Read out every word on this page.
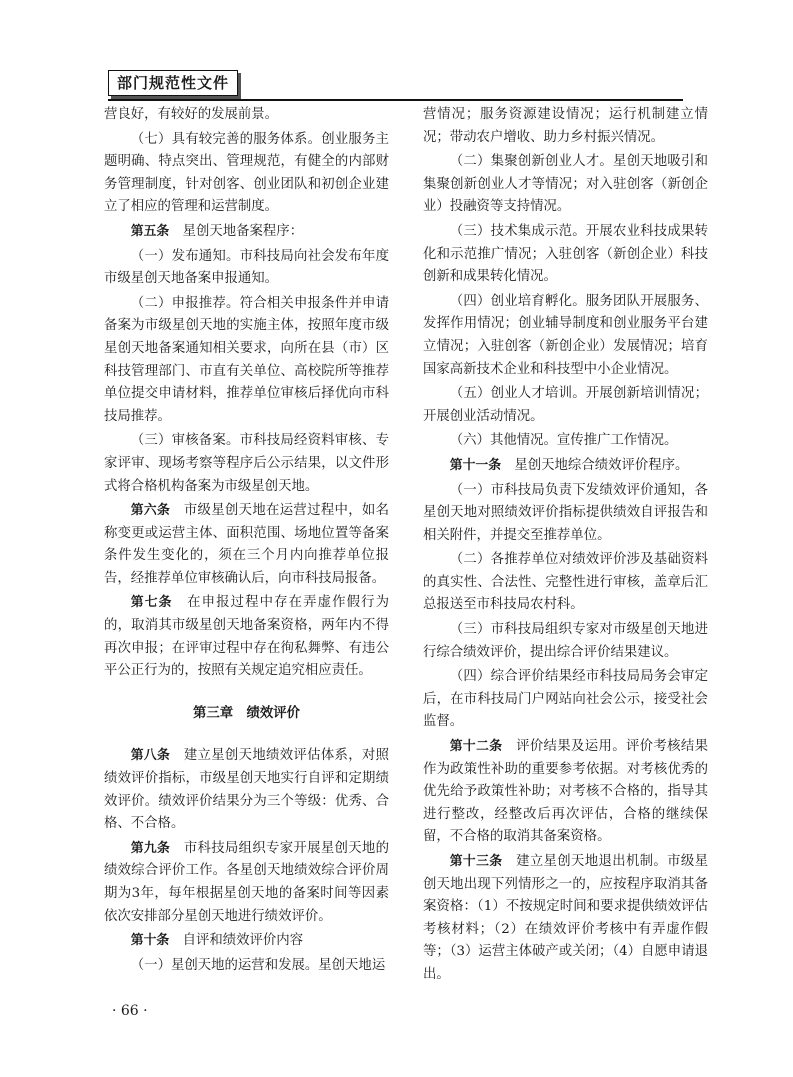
部门规范性文件

营良好，有较好的发展前景。

（七）具有较完善的服务体系。创业服务主题明确、特点突出、管理规范，有健全的内部财务管理制度，针对创客、创业团队和初创企业建立了相应的管理和运营制度。

第五条　 星创天地备案程序：

（一）发布通知。市科技局向社会发布年度市级星创天地备案申报通知。

（二）申报推荐。符合相关申报条件并申请备案为市级星创天地的实施主体，按照年度市级星创天地备案通知相关要求，向所在县（市）区科技管理部门、市直有关单位、高校院所等推荐单位提交申请材料，推荐单位审核后择优向市科技局推荐。

（三）审核备案。市科技局经资料审核、专家评审、现场考察等程序后公示结果，以文件形式将合格机构备案为市级星创天地。

第六条　 市级星创天地在运营过程中，如名称变更或运营主体、面积范围、场地位置等备案条件发生变化的，须在三个月内向推荐单位报告，经推荐单位审核确认后，向市科技局报备。

第七条　 在申报过程中存在弄虚作假行为的，取消其市级星创天地备案资格，两年内不得再次申报；在评审过程中存在徇私舞弊、有违公平公正行为的，按照有关规定追究相应责任。

第三章　绩效评价

第八条　 建立星创天地绩效评估体系，对照绩效评价指标，市级星创天地实行自评和定期绩效评价。绩效评价结果分为三个等级：优秀、合格、不合格。

第九条　 市科技局组织专家开展星创天地的绩效综合评价工作。各星创天地绩效综合评价周期为3年，每年根据星创天地的备案时间等因素依次安排部分星创天地进行绩效评价。

第十条　 自评和绩效评价内容

（一）星创天地的运营和发展。星创天地运

营情况；服务资源建设情况；运行机制建立情况；带动农户增收、助力乡村振兴情况。

（二）集聚创新创业人才。星创天地吸引和集聚创新创业人才等情况；对入驻创客（新创企业）投融资等支持情况。

（三）技术集成示范。开展农业科技成果转化和示范推广情况；入驻创客（新创企业）科技创新和成果转化情况。

（四）创业培育孵化。服务团队开展服务、发挥作用情况；创业辅导制度和创业服务平台建立情况；入驻创客（新创企业）发展情况；培育国家高新技术企业和科技型中小企业情况。

（五）创业人才培训。开展创新培训情况；开展创业活动情况。

（六）其他情况。宣传推广工作情况。

第十一条　 星创天地综合绩效评价程序。

（一）市科技局负责下发绩效评价通知，各星创天地对照绩效评价指标提供绩效自评报告和相关附件，并提交至推荐单位。

（二）各推荐单位对绩效评价涉及基础资料的真实性、合法性、完整性进行审核，盖章后汇总报送至市科技局农村科。

（三）市科技局组织专家对市级星创天地进行综合绩效评价，提出综合评价结果建议。

（四）综合评价结果经市科技局局务会审定后，在市科技局门户网站向社会公示，接受社会监督。

第十二条　 评价结果及运用。评价考核结果作为政策性补助的重要参考依据。对考核优秀的优先给予政策性补助；对考核不合格的，指导其进行整改，经整改后再次评估，合格的继续保留，不合格的取消其备案资格。

第十三条　 建立星创天地退出机制。市级星创天地出现下列情形之一的，应按程序取消其备案资格：（1）不按规定时间和要求提供绩效评估考核材料；（2）在绩效评价考核中有弄虚作假等；（3）运营主体破产或关闭；（4）自愿申请退出。

· 66 ·
